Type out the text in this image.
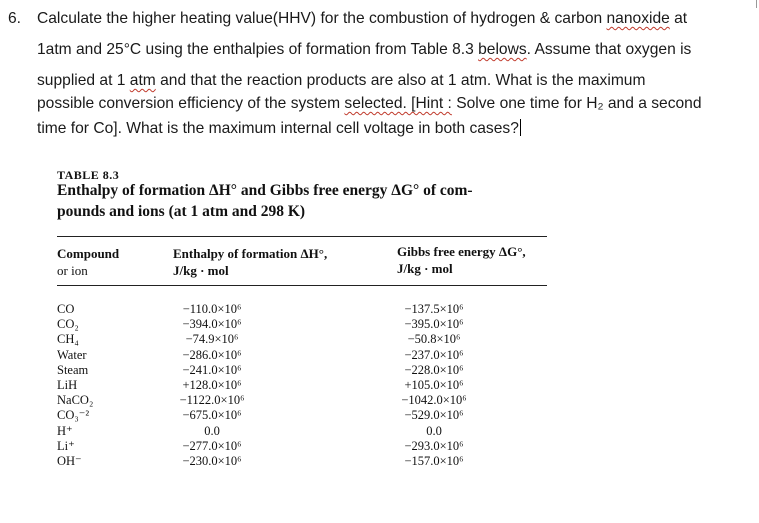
6. Calculate the higher heating value(HHV) for the combustion of hydrogen & carbon nanoxide at
1atm and 25°C using the enthalpies of formation from Table 8.3 belows. Assume that oxygen is
supplied at 1 atm and that the reaction products are also at 1 atm. What is the maximum
possible conversion efficiency of the system selected. [Hint : Solve one time for H₂ and a second
time for Co]. What is the maximum internal cell voltage in both cases?
TABLE 8.3
Enthalpy of formation ΔH° and Gibbs free energy ΔG° of com-
pounds and ions (at 1 atm and 298 K)
Compound
or ion
Enthalpy of formation ΔH°,
J/kg · mol
Gibbs free energy ΔG°,
J/kg · mol
CO
CO₂
CH₄
Water
Steam
LiH
NaCO₂
CO₃⁻²
H⁺
Li⁺
OH⁻
−110.0×10⁶
−394.0×10⁶
−74.9×10⁶
−286.0×10⁶
−241.0×10⁶
+128.0×10⁶
−1122.0×10⁶
−675.0×10⁶
0.0
−277.0×10⁶
−230.0×10⁶
−137.5×10⁶
−395.0×10⁶
−50.8×10⁶
−237.0×10⁶
−228.0×10⁶
+105.0×10⁶
−1042.0×10⁶
−529.0×10⁶
0.0
−293.0×10⁶
−157.0×10⁶
